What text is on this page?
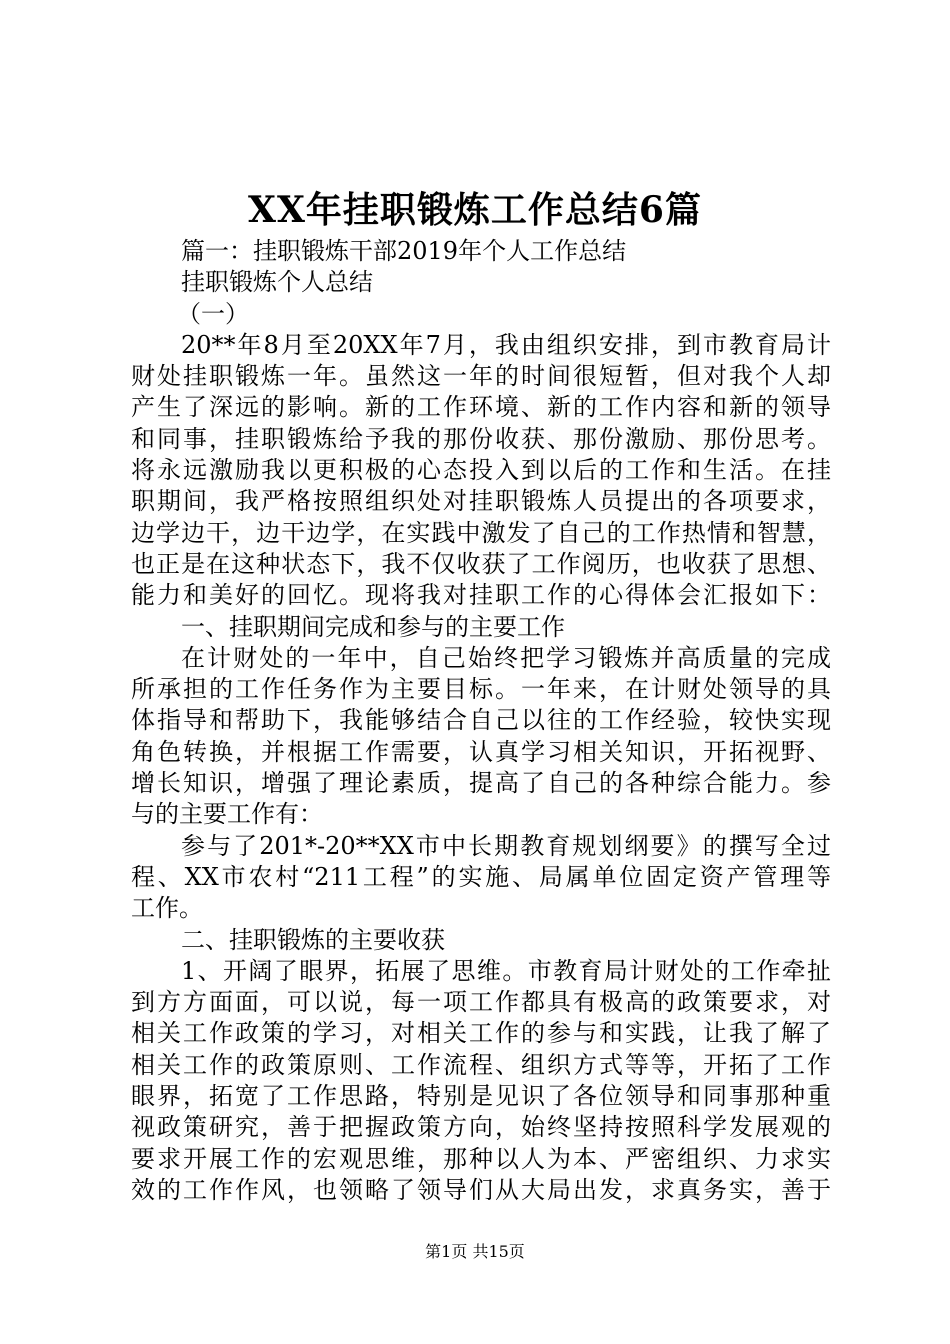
XX年挂职锻炼工作总结6篇
篇一：挂职锻炼干部2019年个人工作总结
挂职锻炼个人总结
（一）
20**年8月至20XX年7月，我由组织安排，到市教育局计
财处挂职锻炼一年。虽然这一年的时间很短暂，但对我个人却
产生了深远的影响。新的工作环境、新的工作内容和新的领导
和同事，挂职锻炼给予我的那份收获、那份激励、那份思考。
将永远激励我以更积极的心态投入到以后的工作和生活。在挂
职期间，我严格按照组织处对挂职锻炼人员提出的各项要求，
边学边干，边干边学，在实践中激发了自己的工作热情和智慧，
也正是在这种状态下，我不仅收获了工作阅历，也收获了思想、
能力和美好的回忆。现将我对挂职工作的心得体会汇报如下：
一、挂职期间完成和参与的主要工作
在计财处的一年中，自己始终把学习锻炼并高质量的完成
所承担的工作任务作为主要目标。一年来，在计财处领导的具
体指导和帮助下，我能够结合自己以往的工作经验，较快实现
角色转换，并根据工作需要，认真学习相关知识，开拓视野、
增长知识，增强了理论素质，提高了自己的各种综合能力。参
与的主要工作有：
参与了201*-20**XX市中长期教育规划纲要》的撰写全过
程、XX市农村“211工程”的实施、局属单位固定资产管理等
工作。
二、挂职锻炼的主要收获
1、开阔了眼界，拓展了思维。市教育局计财处的工作牵扯
到方方面面，可以说，每一项工作都具有极高的政策要求，对
相关工作政策的学习，对相关工作的参与和实践，让我了解了
相关工作的政策原则、工作流程、组织方式等等，开拓了工作
眼界，拓宽了工作思路，特别是见识了各位领导和同事那种重
视政策研究，善于把握政策方向，始终坚持按照科学发展观的
要求开展工作的宏观思维，那种以人为本、严密组织、力求实
效的工作作风，也领略了领导们从大局出发，求真务实，善于
第1页 共15页
